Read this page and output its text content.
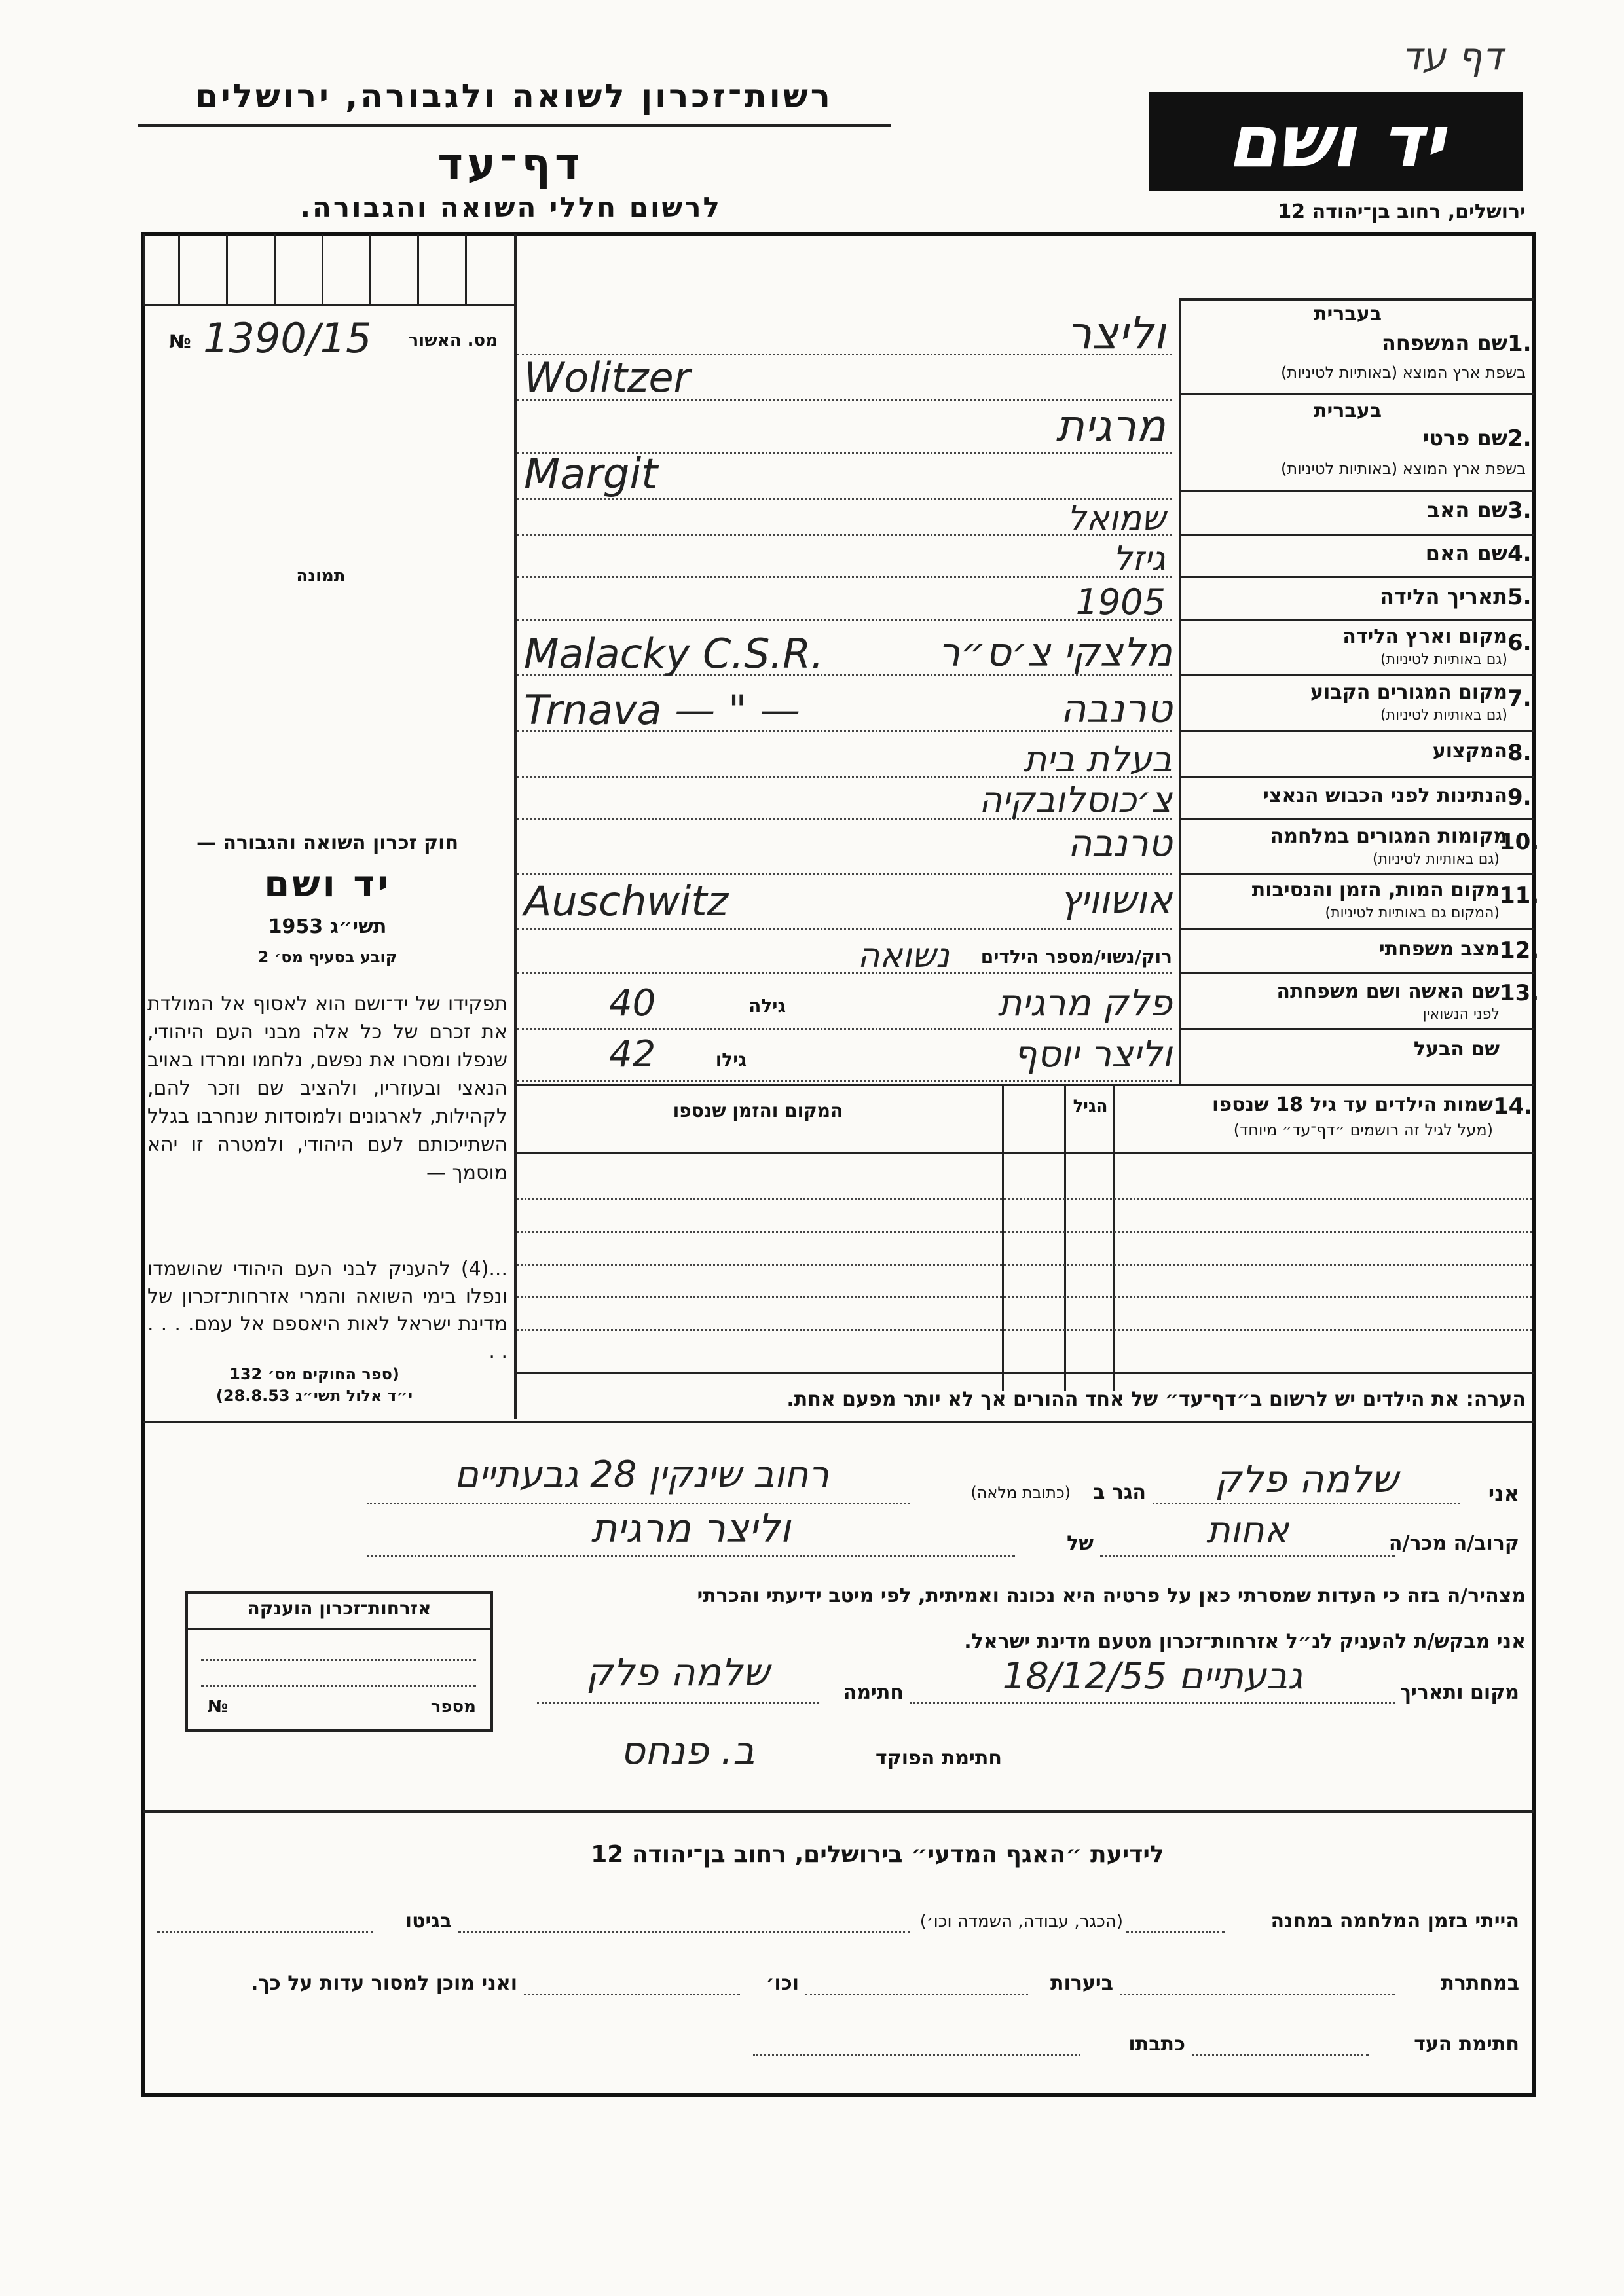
דף עד
רשות־זכרון לשואה ולגבורה, ירושלים
דף־עד
לרשום חללי השואה והגבורה.
יד ושם
ירושלים, רחוב בן־יהודה 12
מס. האשור
№ 1390/15
תמונה
חוק זכרון השואה והגבורה —
יד ושם
תשי״ג 1953
קובע בסעיף מס׳ 2
תפקידו של יד־ושם הוא לאסוף אל המולדת את זכרם של כל אלה מבני העם היהודי, שנפלו ומסרו את נפשם, נלחמו ומרדו באויב הנאצי ובעוזריו, ולהציב שם וזכר להם, לקהילות, לארגונים ולמוסדות שנחרבו בגלל השתייכותם לעם היהודי, ולמטרה זו יהא מוסמך —
...(4) להעניק לבני העם היהודי שהושמדו ונפלו בימי השואה והמרי אזרחות־זכרון של מדינת ישראל לאות היאספם אל עמם. . . . . .
(ספר החוקים מס׳ 132
י״ד אלול תשי״ג 28.8.53)
בעברית
שם המשפחה 1.
בשפת ארץ המוצא (באותיות לטיניות)
בעברית
שם פרטי 2.
בשפת ארץ המוצא (באותיות לטיניות)
שם האב 3.
שם האם 4.
תאריך הלידה 5.
מקום וארץ הלידה 6.
(גם באותיות לטיניות)
מקום המגורים הקבוע 7.
(גם באותיות לטיניות)
המקצוע 8.
הנתינות לפני הכבוש הנאצי 9.
מקומות המגורים במלחמה
10.
(גם באותיות לטיניות)
מקום המות, הזמן והנסיבות 11.
(המקום גם באותיות לטיניות)
מצב משפחתי 12.
שם האשה ושם משפחתה 13.
לפני הנשואין
שם הבעל
וליצר
Wolitzer
מרגית
Margit
שמואל
גיזל
1905
מלצקי צ׳ס״ר
Malacky C.S.R.
טרנבה
Trnava — " —
בעלת בית
צ׳כוסלובקיה
טרנבה
אושוויץ
Auschwitz
רוק/נשוי/מספר הילדים
נשואה
פלק מרגית
גילה
40
וליצר יוסף
גילו
42
14.
שמות הילדים עד גיל 18 שנספו
(מעל לגיל זה רושמים ״דף־עד״ מיוחד)
הגיל
המקום והזמן שנספו
הערה: את הילדים יש לרשום ב״דף־עד״ של אחד ההורים אך לא יותר מפעם אחת.
אני
שלמה פלק
הגר ב
(כתובת מלאה)
רחוב שינקין 28 גבעתיים
קרוב/ה מכר/ה
אחות
של
וליצר מרגית
מצהיר/ה בזה כי העדות שמסרתי כאן על פרטיה היא נכונה ואמיתית, לפי מיטב ידיעתי והכרתי
אני מבקש/ת להעניק לנ״ל אזרחות־זכרון מטעם מדינת ישראל.
מקום ותאריך
גבעתיים 18/12/55
חתימה
שלמה פלק
חתימת הפוקד
ב. פנחס
אזרחות־זכרון הוענקה
מספר
№
לידיעת ״האגף המדעי״ בירושלים, רחוב בן־יהודה 12
הייתי בזמן המלחמה במחנה
(הכגר, עבודה, השמדה וכו׳)
בגיטו
במחתרת
ביערות
וכו׳
ואני מוכן למסור עדות על כך.
חתימת העד
כתבתו
